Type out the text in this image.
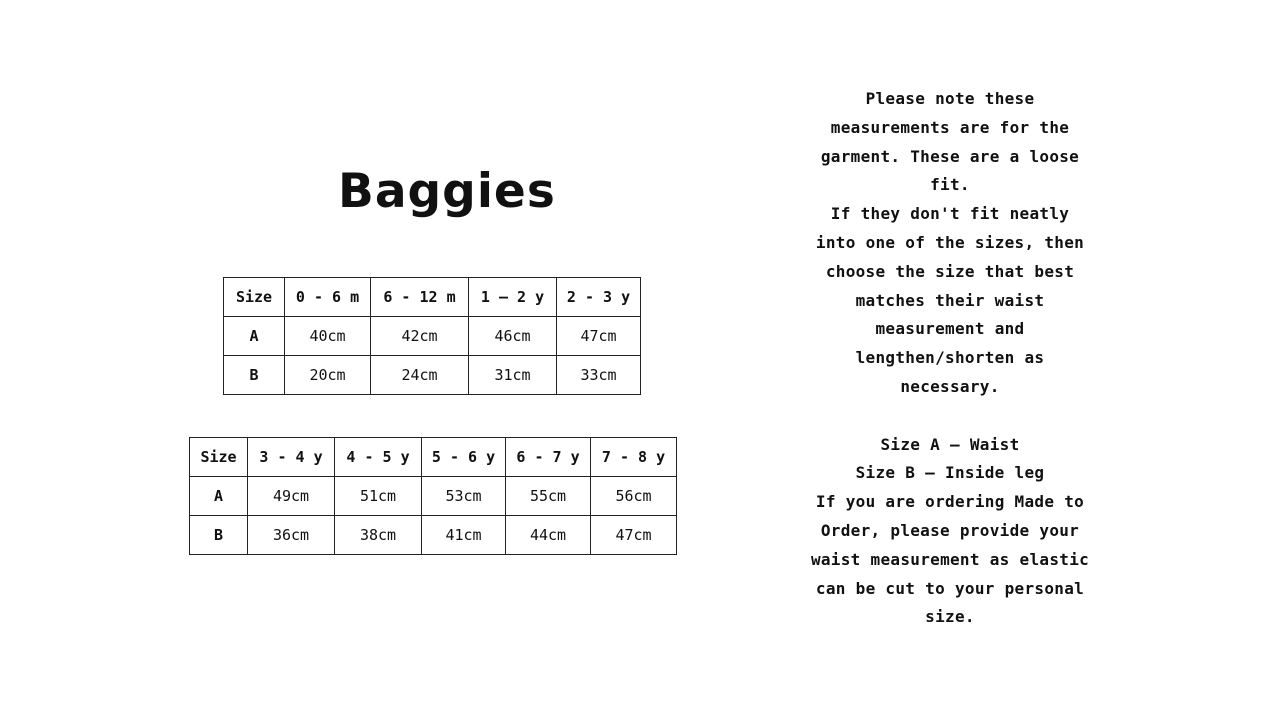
Baggies
Size	0 - 6 m	6 - 12 m	1 – 2 y	2 - 3 y
A	40cm	42cm	46cm	47cm
B	20cm	24cm	31cm	33cm
Size	3 - 4 y	4 - 5 y	5 - 6 y	6 - 7 y	7 - 8 y
A	49cm	51cm	53cm	55cm	56cm
B	36cm	38cm	41cm	44cm	47cm

Please note these measurements are for the garment. These are a loose fit.

If they don't fit neatly into one of the sizes, then choose the size that best matches their waist measurement and lengthen/shorten as necessary.

Size A – Waist

Size B – Inside leg

If you are ordering Made to Order, please provide your waist measurement as elastic can be cut to your personal size.
